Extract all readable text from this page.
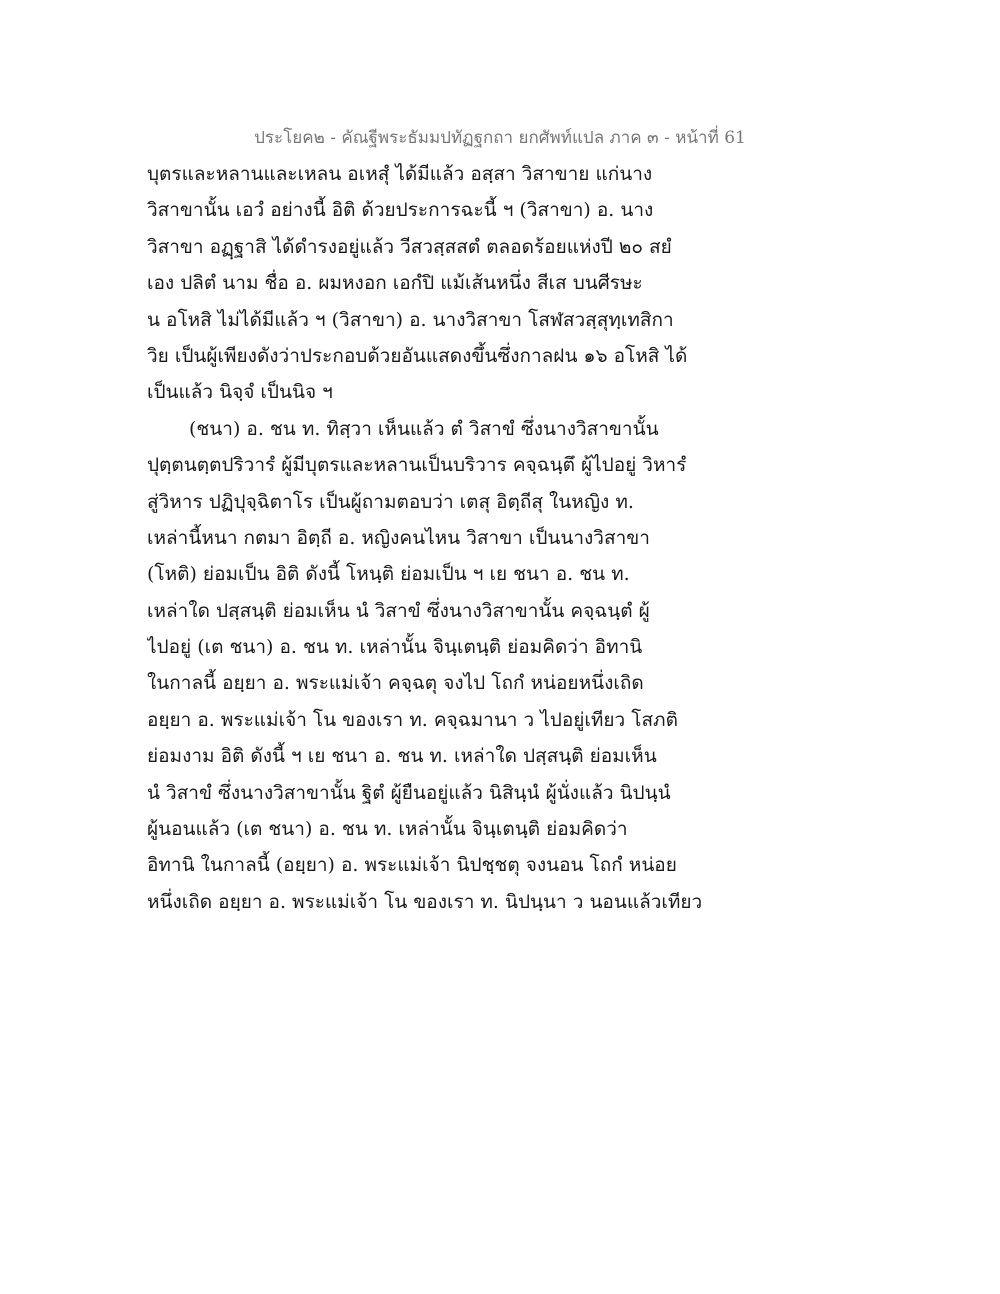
ประโยค๒ - คัณฐีพระธัมมปทัฏฐกถา ยกศัพท์แปล ภาค ๓ - หน้าที่ 61
บุตรและหลานและเหลน อเหสุํ ได้มีแล้ว อสฺสา วิสาขาย แก่นาง
วิสาขานั้น เอวํ อย่างนี้ อิติ ด้วยประการฉะนี้ ฯ (วิสาขา) อ. นาง
วิสาขา อฏฺฐาสิ ได้ดำรงอยู่แล้ว วีสวสฺสสตํ ตลอดร้อยแห่งปี ๒๐ สยํ
เอง ปลิตํ นาม ชื่อ อ. ผมหงอก เอกํปิ แม้เส้นหนึ่ง สีเส บนศีรษะ
น อโหสิ ไม่ได้มีแล้ว ฯ (วิสาขา) อ. นางวิสาขา โสฬสวสฺสุทฺเทสิกา
วิย เป็นผู้เพียงดังว่าประกอบด้วยอันแสดงขึ้นซึ่งกาลฝน ๑๖ อโหสิ ได้
เป็นแล้ว นิจฺจํ เป็นนิจ ฯ
(ชนา) อ. ชน ท. ทิสฺวา เห็นแล้ว ตํ วิสาขํ ซึ่งนางวิสาขานั้น
ปุตฺตนตฺตปริวารํ ผู้มีบุตรและหลานเป็นบริวาร คจฺฉนฺตึ ผู้ไปอยู่ วิหารํ
สู่วิหาร ปฏิปุจฺฉิตาโร เป็นผู้ถามตอบว่า เตสุ อิตฺถีสุ ในหญิง ท.
เหล่านี้หนา กตมา อิตฺถี อ. หญิงคนไหน วิสาขา เป็นนางวิสาขา
(โหติ) ย่อมเป็น อิติ ดังนี้ โหนฺติ ย่อมเป็น ฯ เย ชนา อ. ชน ท.
เหล่าใด ปสฺสนฺติ ย่อมเห็น นํ วิสาขํ ซึ่งนางวิสาขานั้น คจฺฉนฺตํ ผู้
ไปอยู่ (เต ชนา) อ. ชน ท. เหล่านั้น จินฺเตนฺติ ย่อมคิดว่า อิทานิ
ในกาลนี้ อยฺยา อ. พระแม่เจ้า คจฺฉตุ จงไป โถกํ หน่อยหนึ่งเถิด
อยฺยา อ. พระแม่เจ้า โน ของเรา ท. คจฺฉมานา ว ไปอยู่เทียว โสภติ
ย่อมงาม อิติ ดังนี้ ฯ เย ชนา อ. ชน ท. เหล่าใด ปสฺสนฺติ ย่อมเห็น
นํ วิสาขํ ซึ่งนางวิสาขานั้น ฐิตํ ผู้ยืนอยู่แล้ว นิสินฺนํ ผู้นั่งแล้ว นิปนฺนํ
ผู้นอนแล้ว (เต ชนา) อ. ชน ท. เหล่านั้น จินฺเตนฺติ ย่อมคิดว่า
อิทานิ ในกาลนี้ (อยฺยา) อ. พระแม่เจ้า นิปชฺชตุ จงนอน โถกํ หน่อย
หนึ่งเถิด อยฺยา อ. พระแม่เจ้า โน ของเรา ท. นิปนฺนา ว นอนแล้วเทียว
